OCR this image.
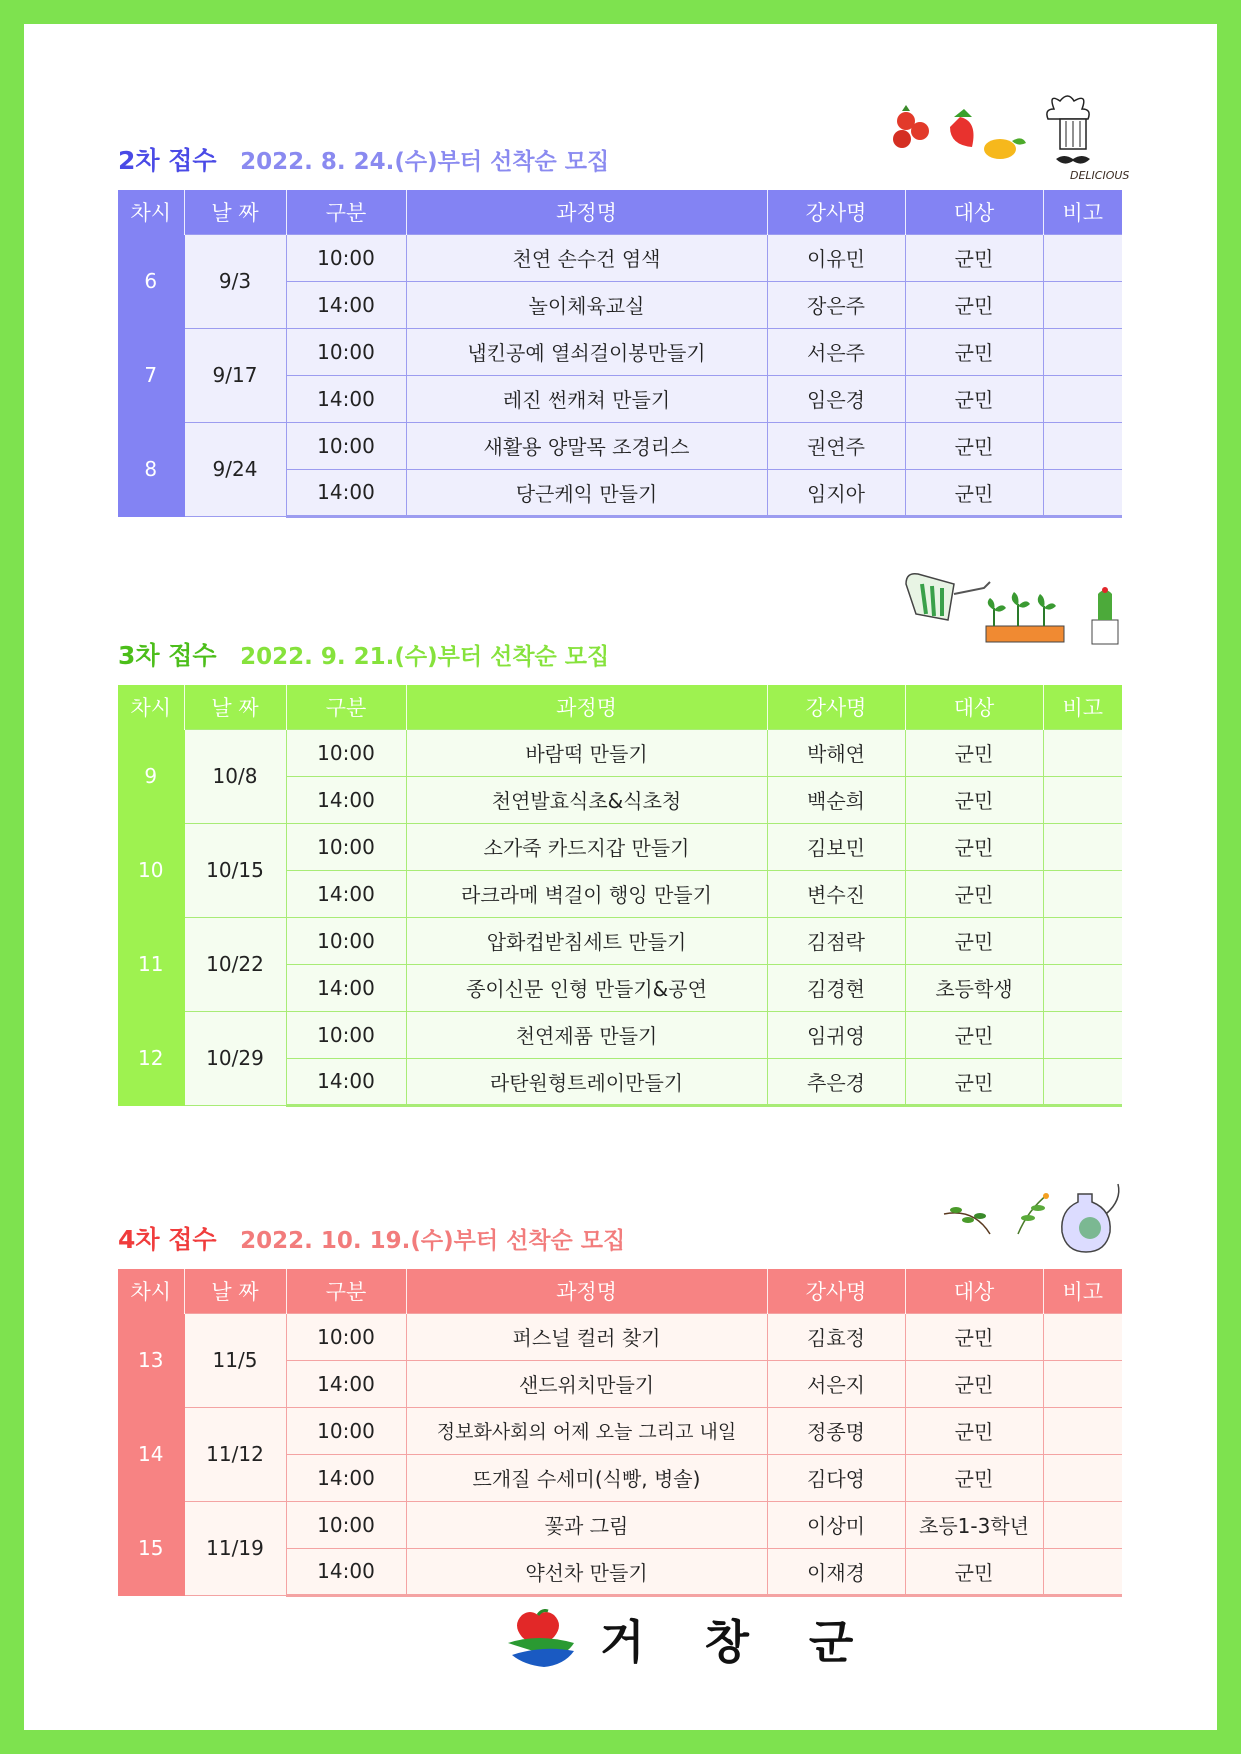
2차 접수 2022. 8. 24.(수)부터 선착순 모집
DELICIOUS
차시	날 짜	구분	과정명	강사명	대상	비고
6	9/3	10:00	천연 손수건 염색	이유민	군민	
		14:00	놀이체육교실	장은주	군민	
7	9/17	10:00	냅킨공예 열쇠걸이봉만들기	서은주	군민	
		14:00	레진 썬캐쳐 만들기	임은경	군민	
8	9/24	10:00	새활용 양말목 조경리스	권연주	군민	
		14:00	당근케익 만들기	임지아	군민	
3차 접수 2022. 9. 21.(수)부터 선착순 모집
차시	날 짜	구분	과정명	강사명	대상	비고
9	10/8	10:00	바람떡 만들기	박해연	군민	
		14:00	천연발효식초&식초청	백순희	군민	
10	10/15	10:00	소가죽 카드지갑 만들기	김보민	군민	
		14:00	라크라메 벽걸이 행잉 만들기	변수진	군민	
11	10/22	10:00	압화컵받침세트 만들기	김점락	군민	
		14:00	종이신문 인형 만들기&공연	김경현	초등학생	
12	10/29	10:00	천연제품 만들기	임귀영	군민	
		14:00	라탄원형트레이만들기	추은경	군민	
4차 접수 2022. 10. 19.(수)부터 선착순 모집
차시	날 짜	구분	과정명	강사명	대상	비고
13	11/5	10:00	퍼스널 컬러 찾기	김효정	군민	
		14:00	샌드위치만들기	서은지	군민	
14	11/12	10:00	정보화사회의 어제 오늘 그리고 내일	정종명	군민	
		14:00	뜨개질 수세미(식빵, 병솔)	김다영	군민	
15	11/19	10:00	꽃과 그림	이상미	초등1-3학년	
		14:00	약선차 만들기	이재경	군민	
거 창 군
